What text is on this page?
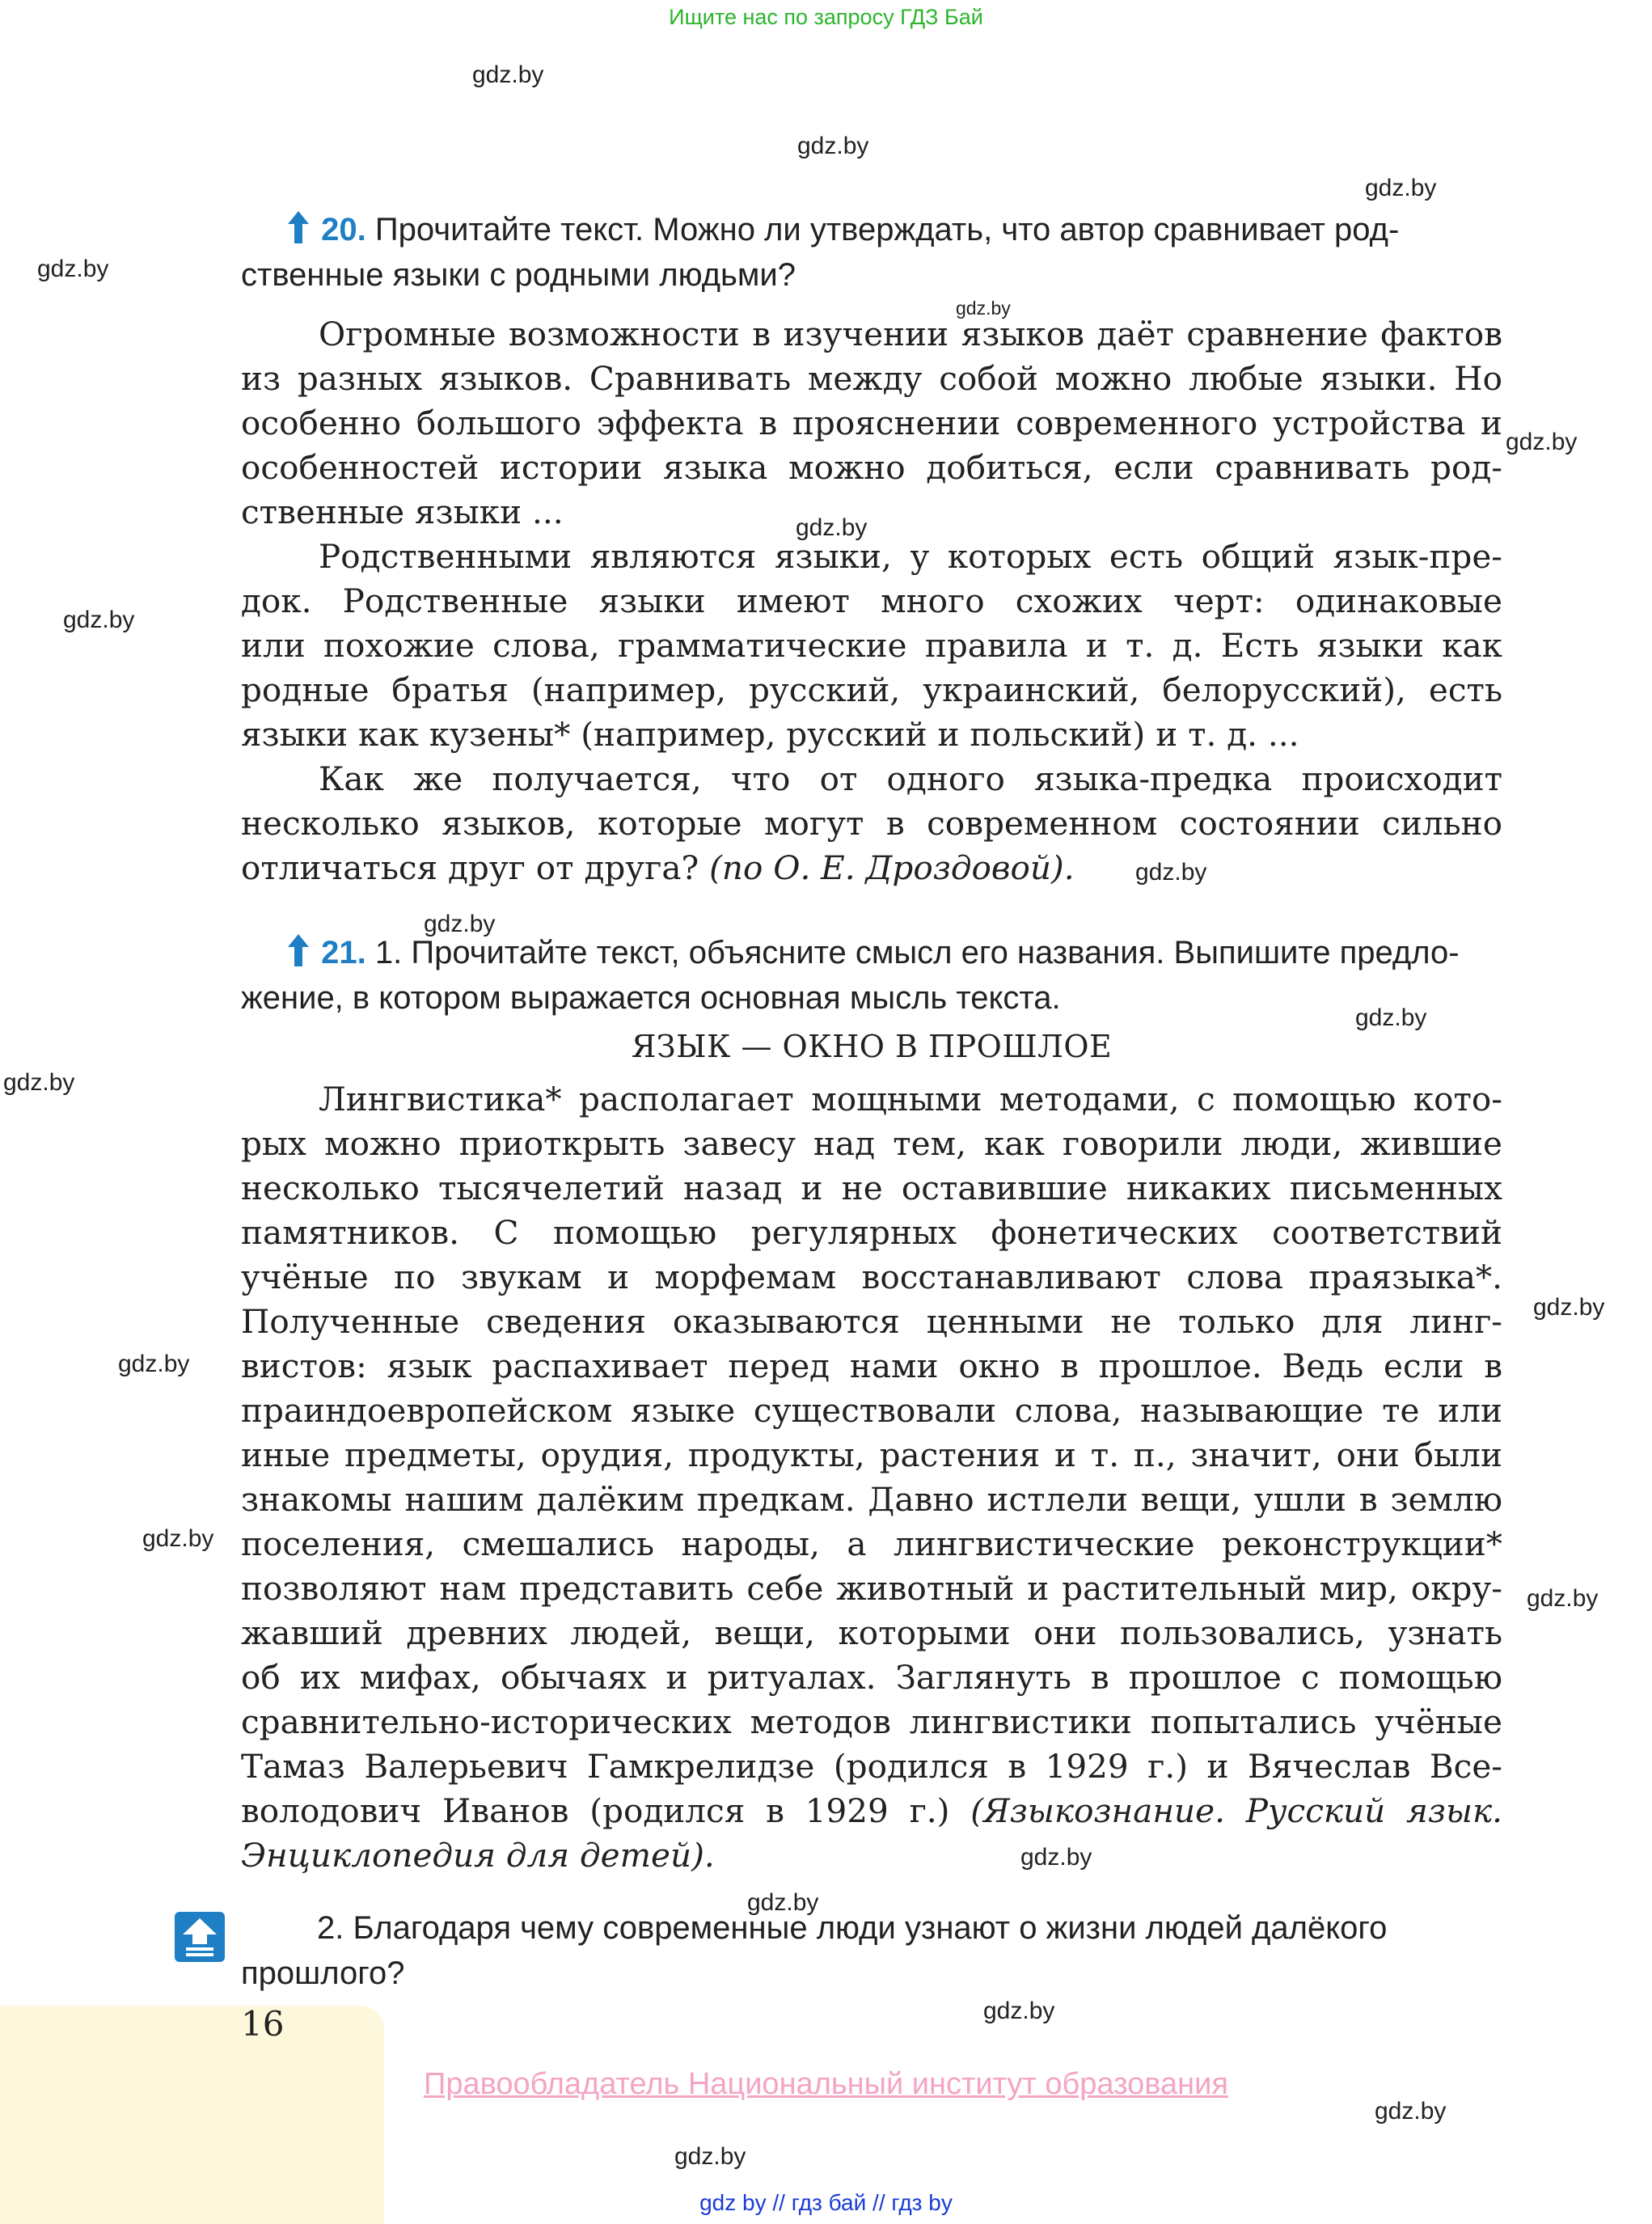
Ищите нас по запросу ГДЗ Бай
gdz.by
gdz.by
gdz.by
gdz.by
gdz.by
gdz.by
gdz.by
gdz.by
gdz.by
gdz.by
gdz.by
gdz.by
gdz.by
gdz.by
gdz.by
gdz.by
gdz.by
gdz.by
gdz.by
gdz.by
gdz.by
20. Прочитайте текст. Можно ли утверждать, что автор сравнивает род-
ственные языки с родными людьми?
Огромные возможности в изучении языков даёт сравнение фактов
из разных языков. Сравнивать между собой можно любые языки. Но
особенно большого эффекта в прояснении современного устройства и
особенностей истории языка можно добиться, если сравнивать род-
ственные языки ...
Родственными являются языки, у которых есть общий язык-пре-
док. Родственные языки имеют много схожих черт: одинаковые
или похожие слова, грамматические правила и т. д. Есть языки как
родные братья (например, русский, украинский, белорусский), есть
языки как кузены* (например, русский и польский) и т. д. ...
Как же получается, что от одного языка-предка происходит
несколько языков, которые могут в современном состоянии сильно
отличаться друг от друга? (по О. Е. Дроздовой).
21. 1. Прочитайте текст, объясните смысл его названия. Выпишите предло-
жение, в котором выражается основная мысль текста.
ЯЗЫК — ОКНО В ПРОШЛОЕ
Лингвистика* располагает мощными методами, с помощью кото-
рых можно приоткрыть завесу над тем, как говорили люди, жившие
несколько тысячелетий назад и не оставившие никаких письменных
памятников. С помощью регулярных фонетических соответствий
учёные по звукам и морфемам восстанавливают слова праязыка*.
Полученные сведения оказываются ценными не только для линг-
вистов: язык распахивает перед нами окно в прошлое. Ведь если в
праиндоевропейском языке существовали слова, называющие те или
иные предметы, орудия, продукты, растения и т. п., значит, они были
знакомы нашим далёким предкам. Давно истлели вещи, ушли в землю
поселения, смешались народы, а лингвистические реконструкции*
позволяют нам представить себе животный и растительный мир, окру-
жавший древних людей, вещи, которыми они пользовались, узнать
об их мифах, обычаях и ритуалах. Заглянуть в прошлое с помощью
сравнительно-исторических методов лингвистики попытались учёные
Тамаз Валерьевич Гамкрелидзе (родился в 1929 г.) и Вячеслав Все-
володович Иванов (родился в 1929 г.) (Языкознание. Русский язык.
Энциклопедия для детей).
2. Благодаря чему современные люди узнают о жизни людей далёкого
прошлого?
16
Правообладатель Национальный институт образования
gdz by // гдз бай // гдз by
